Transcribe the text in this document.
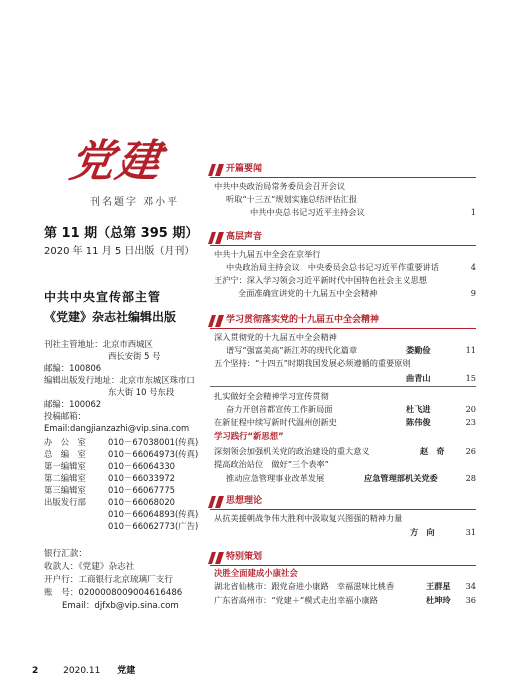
党建
刊名题字 邓小平
第 11 期（总第 395 期）
2020 年 11 月 5 日出版（月刊）
中共中央宣传部主管
《党建》杂志社编辑出版
刊社主管地址：北京市西城区
西长安街 5 号
邮编：100806
编辑出版发行地址：北京市东城区珠市口
东大街 10 号东段
邮编：100062
投稿邮箱：
Email:dangjianzazhi@vip.sina.com
办　公　室	010－67038001(传真)
总　编　室	010－66064973(传真)
第一编辑室	010－66064330
第二编辑室	010－66033972
第三编辑室	010－66067775
出版发行部	010－66068020
010－66064893(传真)
010－66062773(广告)
银行汇款：
收款人：《党建》杂志社
开户行：工商银行北京琉璃厂支行
账　号：0200008009004616486
Email：djfxb@vip.sina.com
开篇要闻
中共中央政治局常务委员会召开会议
听取“十三五”规划实施总结评估汇报
中共中央总书记习近平主持会议	1
高层声音
中共十九届五中全会在京举行
中央政治局主持会议　中央委员会总书记习近平作重要讲话	4
王沪宁：深入学习领会习近平新时代中国特色社会主义思想
全面准确宣讲党的十九届五中全会精神	9
学习贯彻落实党的十九届五中全会精神
深入贯彻党的十九届五中全会精神
谱写“强富美高”新江苏的现代化篇章	娄勤俭	11
五个坚持：“十四五”时期我国发展必须遵循的重要原则
曲青山	15
扎实做好全会精神学习宣传贯彻
奋力开创首都宣传工作新局面	杜飞进	20
在新征程中续写新时代温州创新史	陈伟俊	23
学习践行“新思想”
深刻领会加强机关党的政治建设的重大意义	赵　奇	26
提高政治站位　做好“三个表率”
推动应急管理事业改革发展	应急管理部机关党委	28
思想理论
从抗美援朝战争伟大胜利中汲取复兴图强的精神力量
方　向	31
特别策划
决胜全面建成小康社会
湖北省仙桃市：跟党奋进小康路　幸福滋味比桃香	王群星 34
广东省高州市：“党建＋”模式走出幸福小康路	杜坤玲 36
2	2020.11 党建
